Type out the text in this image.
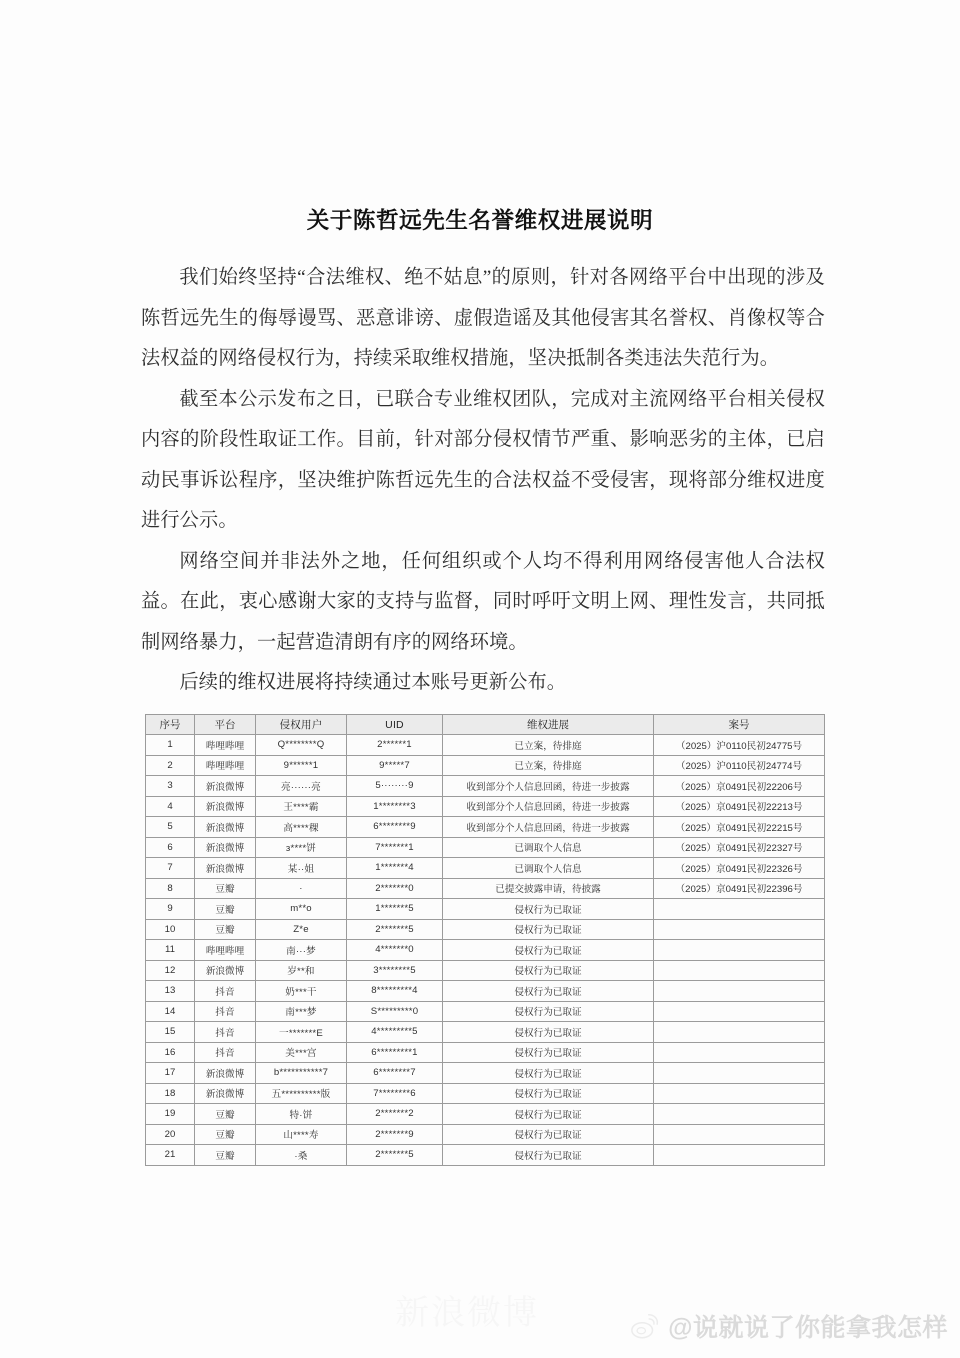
关于陈哲远先生名誉维权进展说明

我们始终坚持“合法维权、绝不姑息”的原则，针对各网络平台中出现的涉及陈哲远先生的侮辱谩骂、恶意诽谤、虚假造谣及其他侵害其名誉权、肖像权等合法权益的网络侵权行为，持续采取维权措施，坚决抵制各类违法失范行为。

截至本公示发布之日，已联合专业维权团队，完成对主流网络平台相关侵权内容的阶段性取证工作。目前，针对部分侵权情节严重、影响恶劣的主体，已启动民事诉讼程序，坚决维护陈哲远先生的合法权益不受侵害，现将部分维权进度进行公示。

网络空间并非法外之地，任何组织或个人均不得利用网络侵害他人合法权益。在此，衷心感谢大家的支持与监督，同时呼吁文明上网、理性发言，共同抵制网络暴力，一起营造清朗有序的网络环境。

后续的维权进展将持续通过本账号更新公布。

序号	平台	侵权用户	UID	维权进展	案号
1	哔哩哔哩	Q********Q	2******1	已立案，待排庭	（2025）沪0110民初24775号
2	哔哩哔哩	9******1	9*****7	已立案，待排庭	（2025）沪0110民初24774号
3	新浪微博	亮······亮	5········9	收到部分个人信息回函，待进一步披露	（2025）京0491民初22206号
4	新浪微博	王****霸	1********3	收到部分个人信息回函，待进一步披露	（2025）京0491民初22213号
5	新浪微博	高****稞	6********9	收到部分个人信息回函，待进一步披露	（2025）京0491民初22215号
6	新浪微博	з****饼	7*******1	已调取个人信息	（2025）京0491民初22327号
7	新浪微博	某··姐	1*******4	已调取个人信息	（2025）京0491民初22326号
8	豆瓣	·	2*******0	已提交披露申请，待披露	（2025）京0491民初22396号
9	豆瓣	m**o	1*******5	侵权行为已取证	
10	豆瓣	Z*e	2*******5	侵权行为已取证	
11	哔哩哔哩	南···梦	4*******0	侵权行为已取证	
12	新浪微博	岁**和	3********5	侵权行为已取证	
13	抖音	奶***干	8*********4	侵权行为已取证	
14	抖音	南***梦	S*********0	侵权行为已取证	
15	抖音	一*******E	4*********5	侵权行为已取证	
16	抖音	美***宫	6*********1	侵权行为已取证	
17	新浪微博	b***********7	6********7	侵权行为已取证	
18	新浪微博	五**********版	7********6	侵权行为已取证	
19	豆瓣	特·饼	2*******2	侵权行为已取证	
20	豆瓣	山****寿	2*******9	侵权行为已取证	
21	豆瓣	·桑	2*******5	侵权行为已取证	
新浪微博	@说就说了你能拿我怎样
